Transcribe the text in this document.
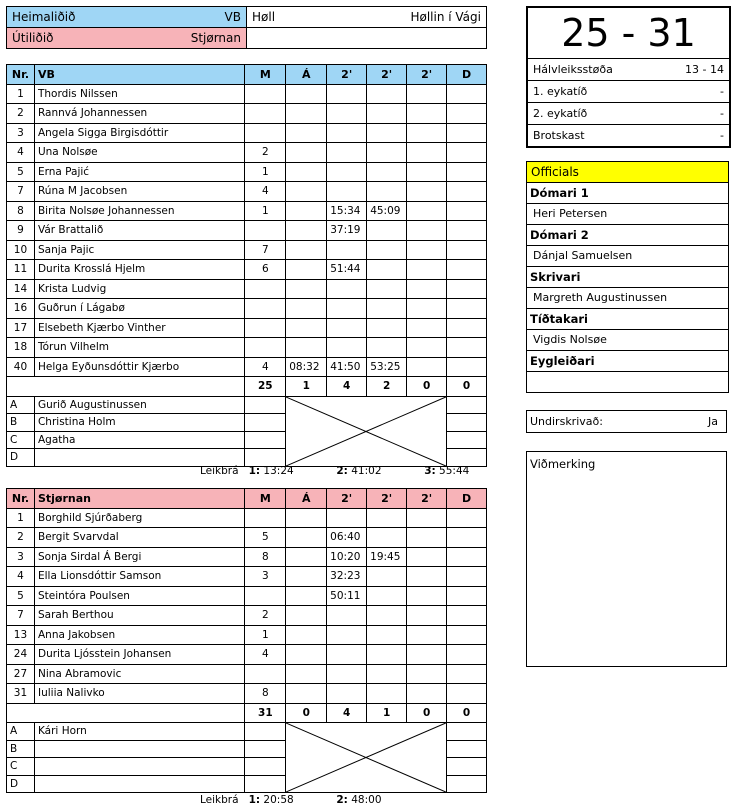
Heimaliðið VB	Høll Høllin í Vági

Útiliðið Stjørnan	

Nr.	VB	M	Á	2'	2'	2'	D
1	Thordis Nilssen						
2	Rannvá Johannessen						
3	Angela Sigga Birgisdóttir						
4	Una Nolsøe	2					
5	Erna Pajić	1					
7	Rúna M Jacobsen	4					
8	Birita Nolsøe Johannessen	1		15:34	45:09		
9	Vár Brattalið			37:19			
10	Sanja Pajic	7					
11	Durita Krosslá Hjelm	6		51:44			
14	Krista Ludvig						
16	Guðrun í Lágabø						
17	Elsebeth Kjærbo Vinther						
18	Tórun Vilhelm						
40	Helga Eyðunsdóttir Kjærbo	4	08:32	41:50	53:25		
		25	1	4	2	0	0
A	Gurið Augustinussen		

B	Christina Holm						
C	Agatha						
D							
Leikbrá 1: 13:24	2: 41:02	3: 55:44
Nr.	Stjørnan	M	Á	2'	2'	2'	D
1	Borghild Sjúrðaberg						
2	Bergit Svarvdal	5		06:40			
3	Sonja Sirdal Á Bergi	8		10:20	19:45		
4	Ella Lionsdóttir Samson	3		32:23			
5	Steintóra Poulsen			50:11			
7	Sarah Berthou	2					
13	Anna Jakobsen	1					
24	Durita Ljósstein Johansen	4					
27	Nina Abramovic						
31	Iuliia Nalivko	8					
		31	0	4	1	0	0
A	Kári Horn		

B							
C							
D							
Leikbrá 1: 20:58	2: 48:00
25 - 31
Hálvleiksstøða	13 - 14
1. eykatíð	-
2. eykatíð	-
Brotskast	-
Officials
Dómari 1
Heri Petersen
Dómari 2
Dánjal Samuelsen
Skrivari
Margreth Augustinussen
Tíðtakari
Vigdis Nolsøe
Eygleiðari
Undirskrivað:	Ja
Viðmerking
